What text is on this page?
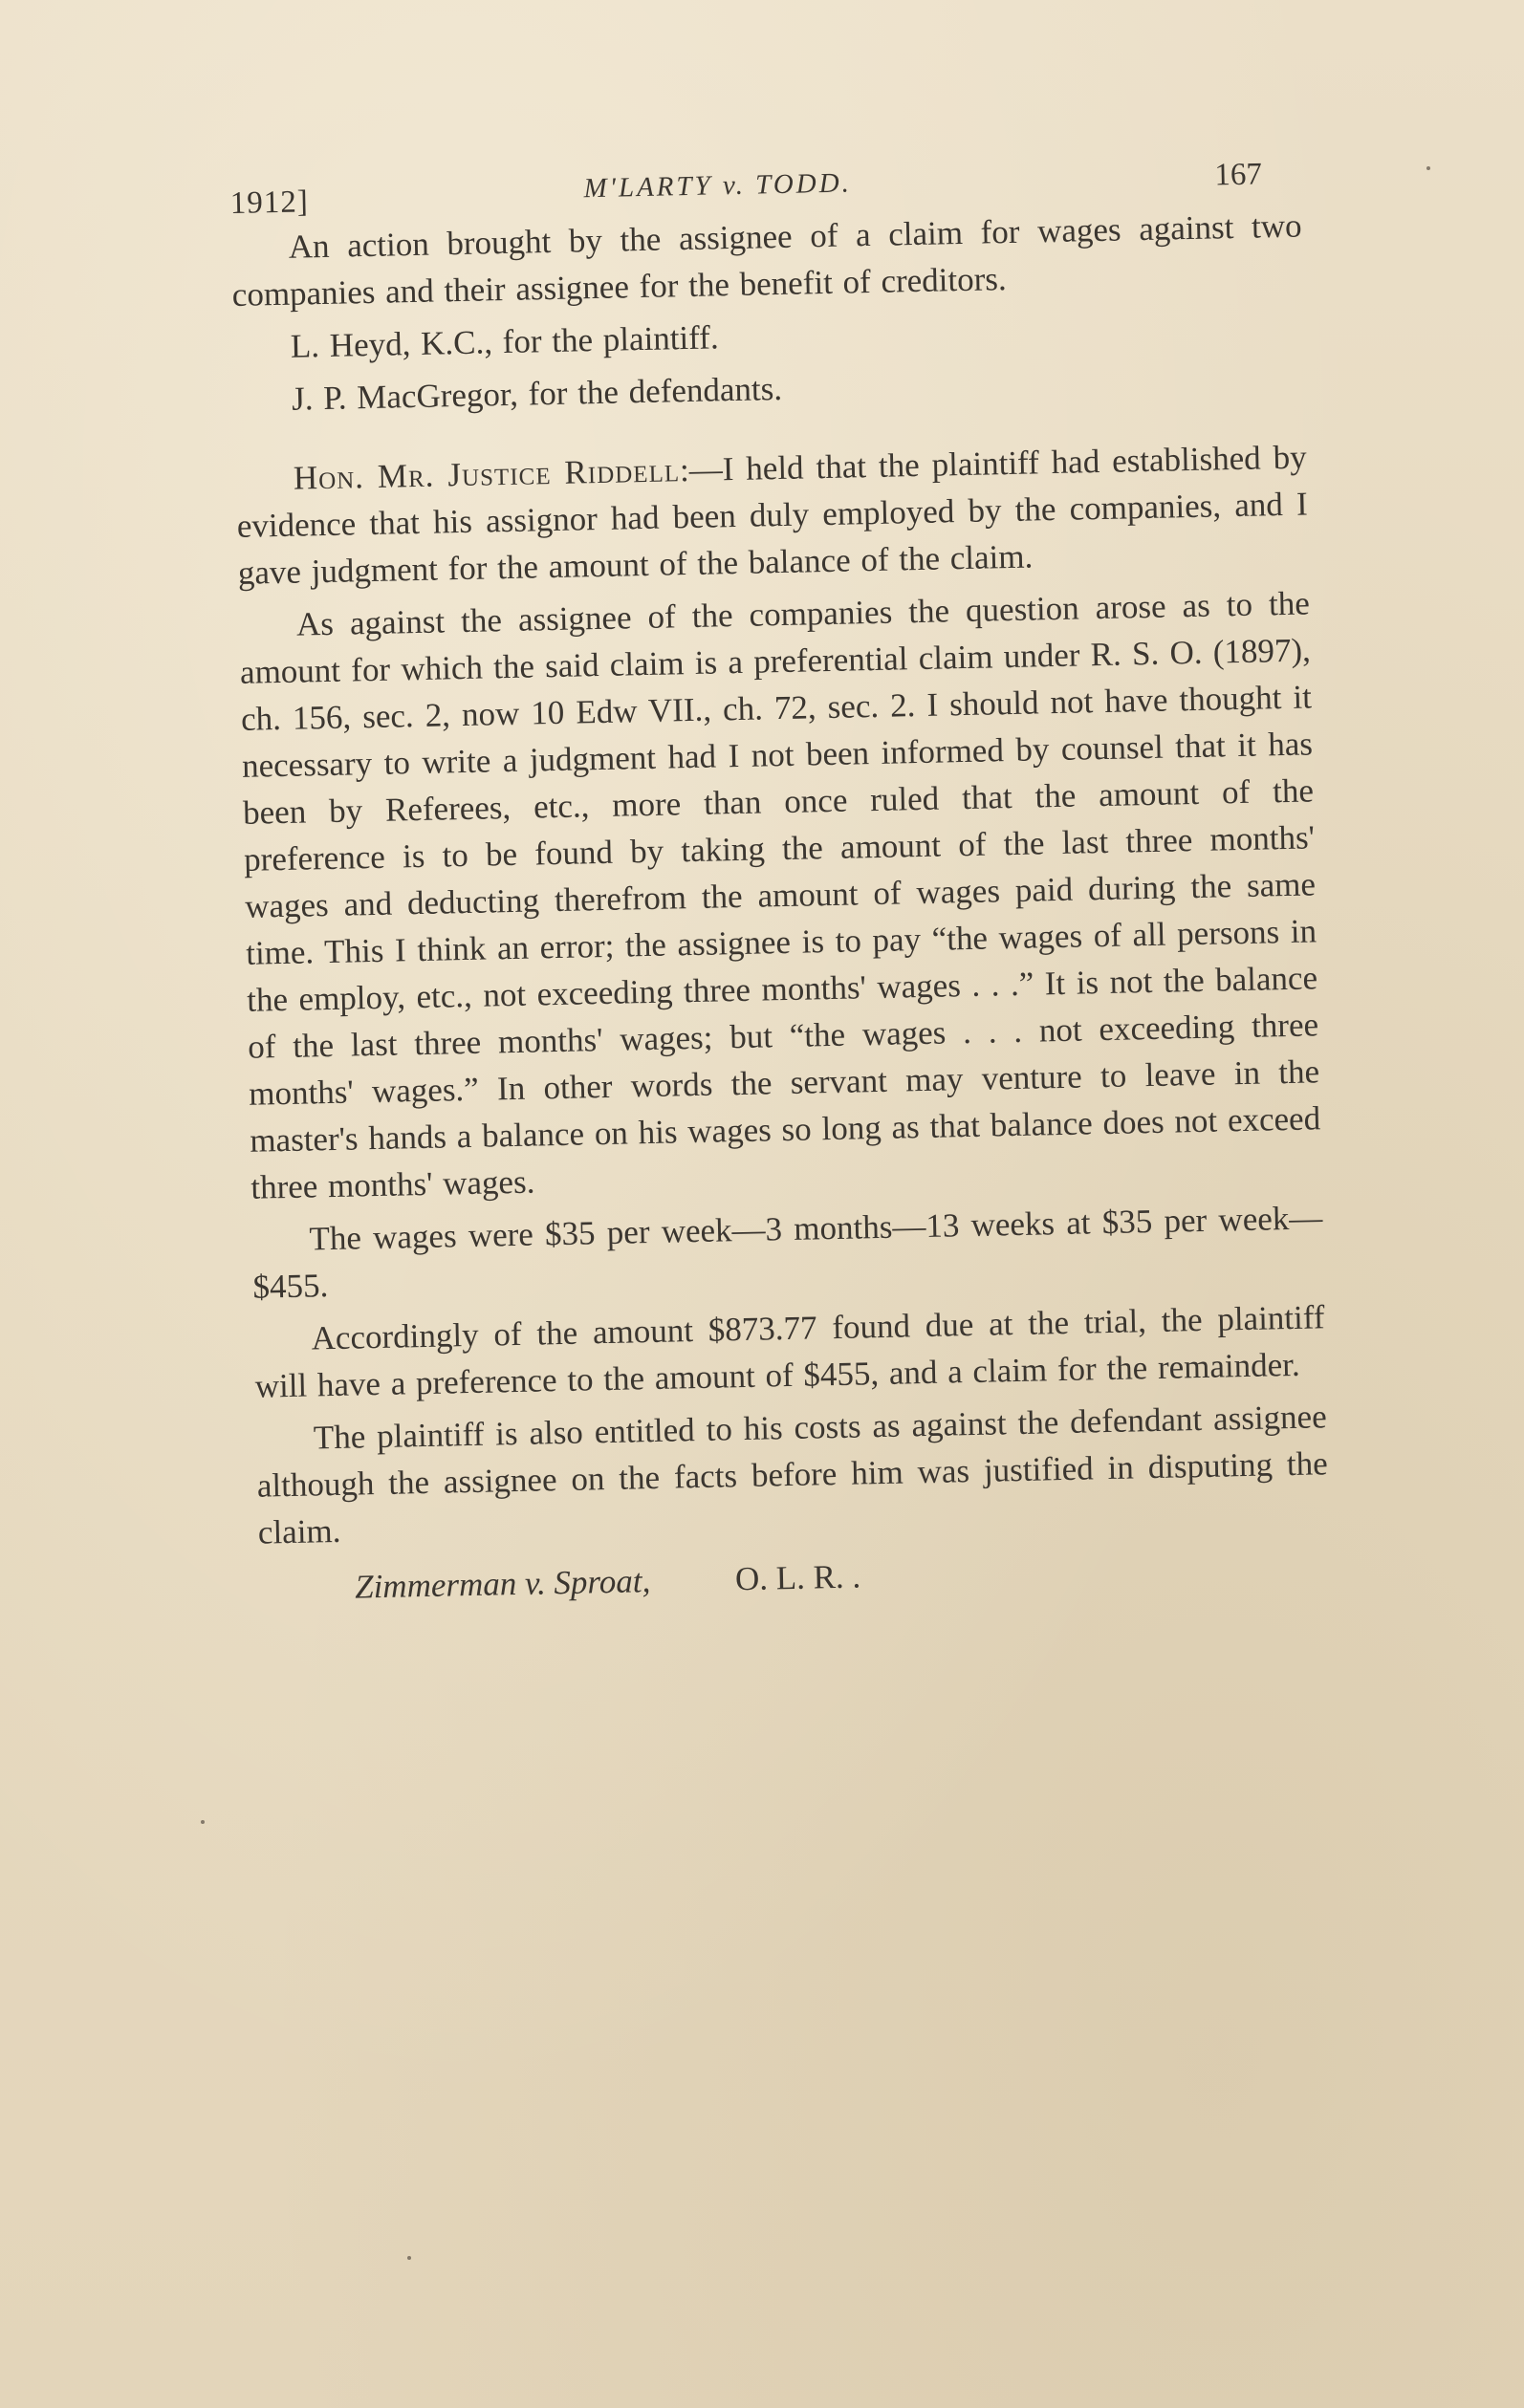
1912]	M'LARTY v. TODD.	167

An action brought by the assignee of a claim for wages against two companies and their assignee for the benefit of creditors.

L. Heyd, K.C., for the plaintiff.

J. P. MacGregor, for the defendants.

Hon. Mr. Justice Riddell:—I held that the plaintiff had established by evidence that his assignor had been duly employed by the companies, and I gave judgment for the amount of the balance of the claim.

As against the assignee of the companies the question arose as to the amount for which the said claim is a preferential claim under R. S. O. (1897), ch. 156, sec. 2, now 10 Edw VII., ch. 72, sec. 2. I should not have thought it necessary to write a judgment had I not been informed by counsel that it has been by Referees, etc., more than once ruled that the amount of the preference is to be found by taking the amount of the last three months' wages and deducting therefrom the amount of wages paid during the same time. This I think an error; the assignee is to pay “the wages of all persons in the employ, etc., not exceeding three months' wages . . .” It is not the balance of the last three months' wages; but “the wages . . . not exceeding three months' wages.” In other words the servant may venture to leave in the master's hands a balance on his wages so long as that balance does not exceed three months' wages.

The wages were $35 per week—3 months—13 weeks at $35 per week—$455.

Accordingly of the amount $873.77 found due at the trial, the plaintiff will have a preference to the amount of $455, and a claim for the remainder.

The plaintiff is also entitled to his costs as against the defendant assignee although the assignee on the facts before him was justified in disputing the claim.

Zimmerman v. Sproat,	O. L. R. .
